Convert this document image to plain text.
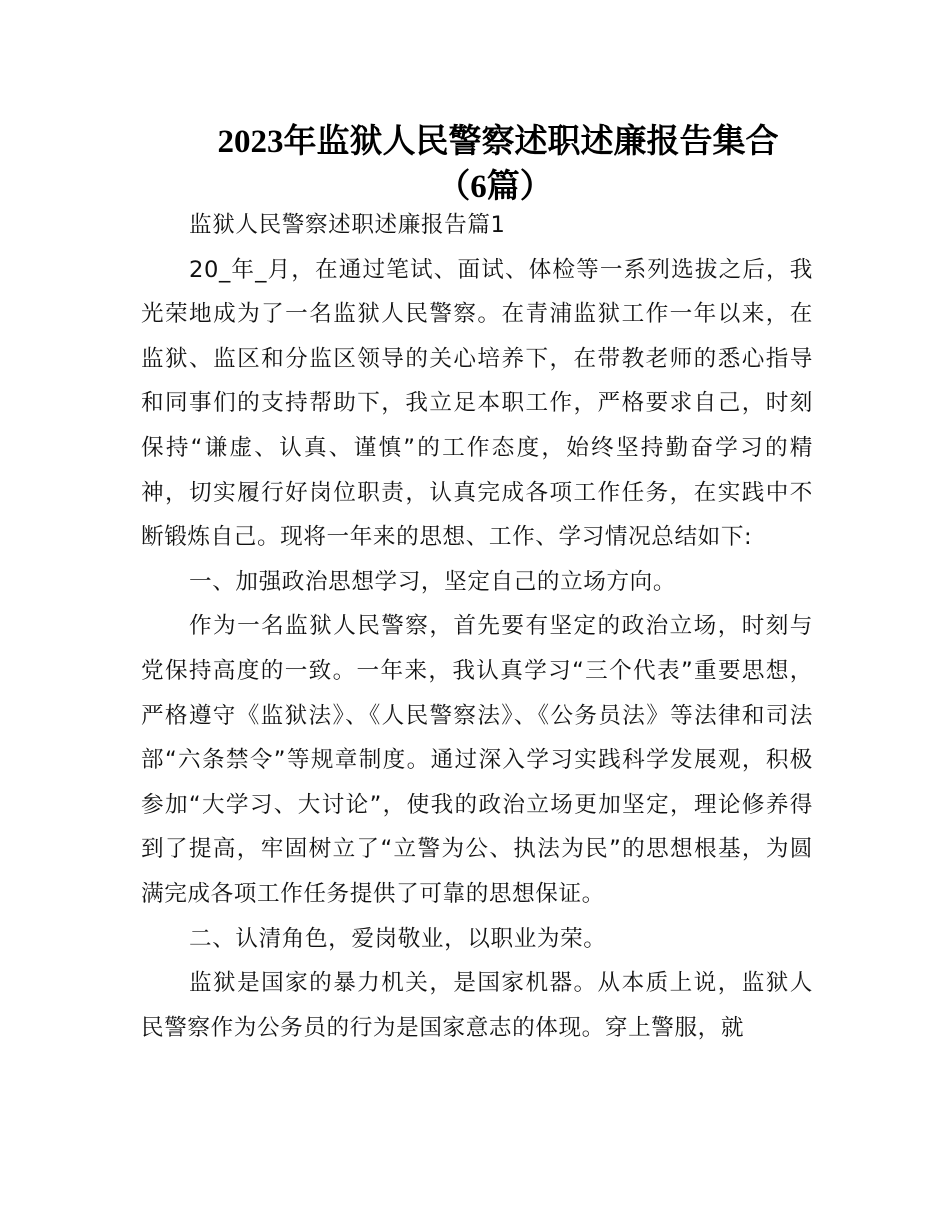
2023年监狱人民警察述职述廉报告集合
（6篇）

监狱人民警察述职述廉报告篇1

20_年_月，在通过笔试、面试、体检等一系列选拔之后，我光荣地成为了一名监狱人民警察。在青浦监狱工作一年以来，在监狱、监区和分监区领导的关心培养下，在带教老师的悉心指导和同事们的支持帮助下，我立足本职工作，严格要求自己，时刻保持“谦虚、认真、谨慎”的工作态度，始终坚持勤奋学习的精神，切实履行好岗位职责，认真完成各项工作任务，在实践中不断锻炼自己。现将一年来的思想、工作、学习情况总结如下:

一、加强政治思想学习，坚定自己的立场方向。

作为一名监狱人民警察，首先要有坚定的政治立场，时刻与党保持高度的一致。一年来，我认真学习“三个代表”重要思想，严格遵守《监狱法》、《人民警察法》、《公务员法》等法律和司法部“六条禁令”等规章制度。通过深入学习实践科学发展观，积极参加“大学习、大讨论”，使我的政治立场更加坚定，理论修养得到了提高，牢固树立了“立警为公、执法为民”的思想根基，为圆满完成各项工作任务提供了可靠的思想保证。

二、认清角色，爱岗敬业，以职业为荣。

监狱是国家的暴力机关，是国家机器。从本质上说，监狱人民警察作为公务员的行为是国家意志的体现。穿上警服，就
